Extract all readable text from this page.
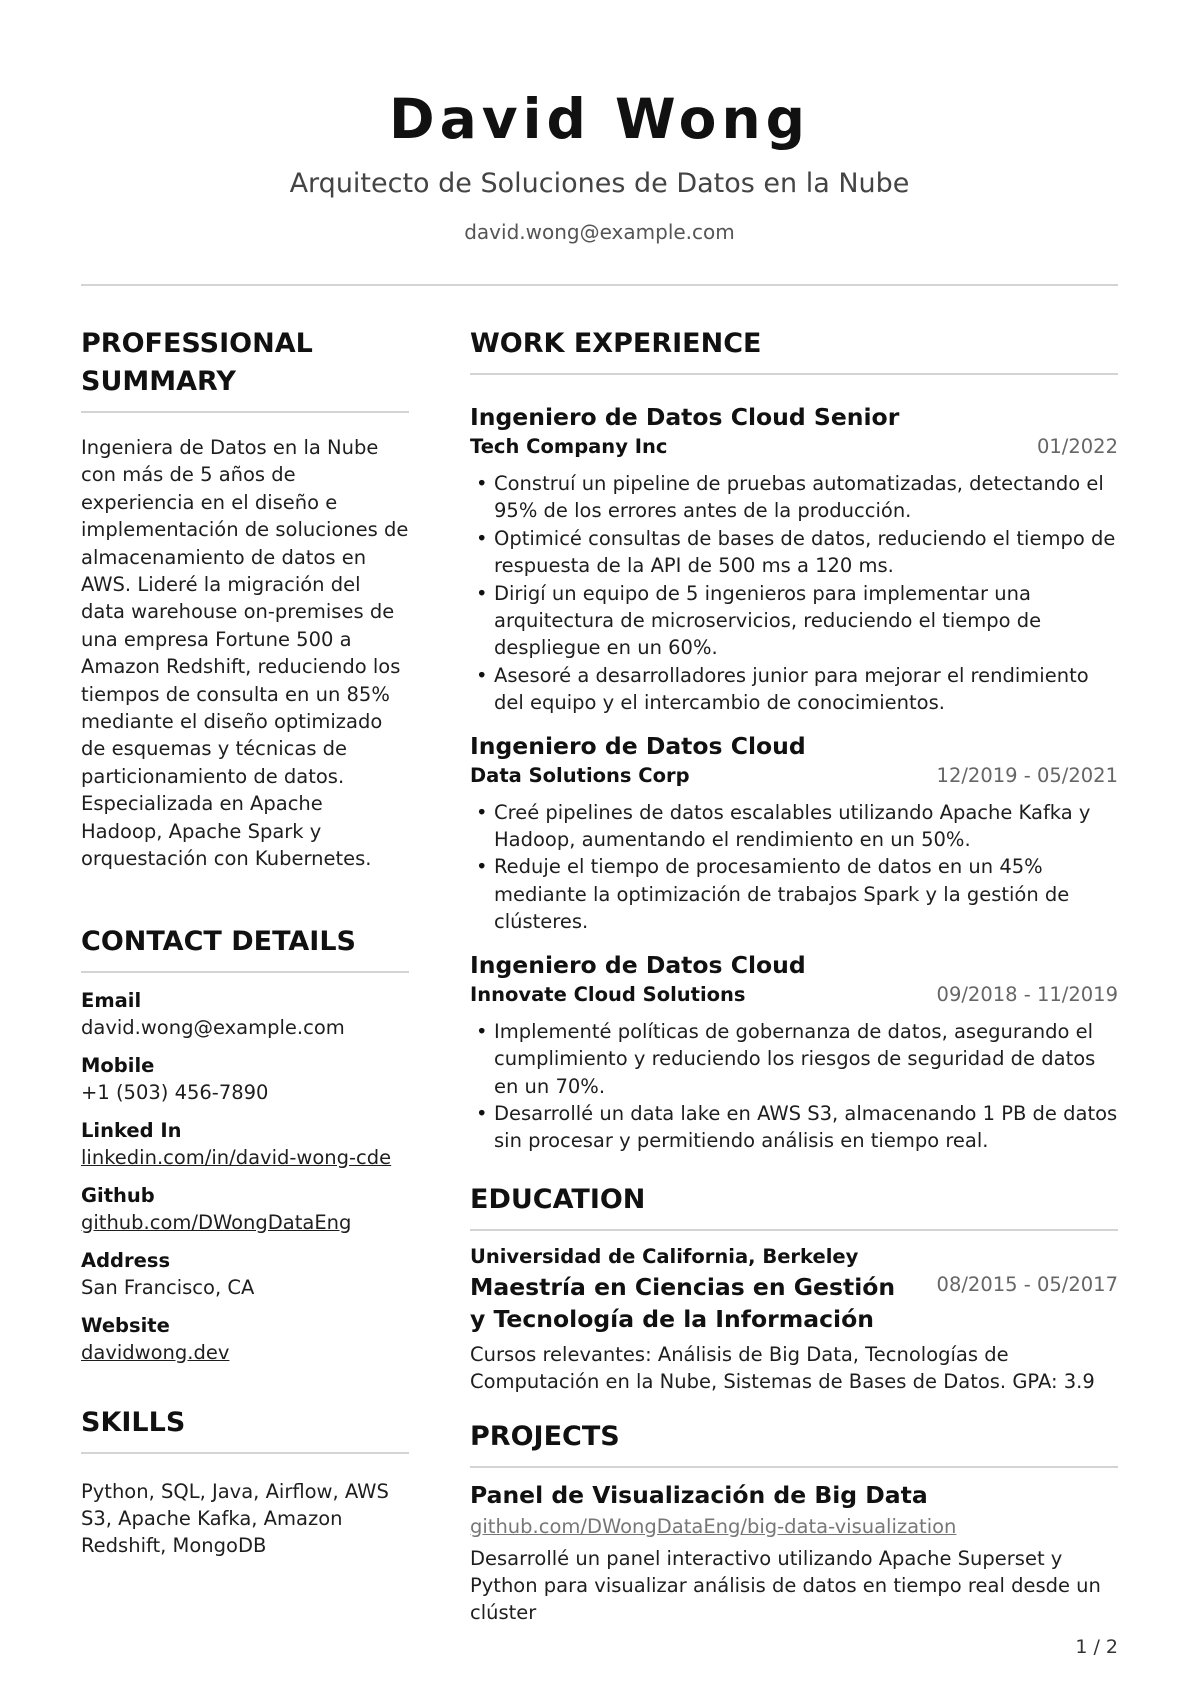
David Wong
Arquitecto de Soluciones de Datos en la Nube
david.wong@example.com
PROFESSIONAL
SUMMARY

Ingeniera de Datos en la Nube con más de 5 años de experiencia en el diseño e implementación de soluciones de almacenamiento de datos en AWS. Lideré la migración del data warehouse on-premises de una empresa Fortune 500 a Amazon Redshift, reduciendo los tiempos de consulta en un 85% mediante el diseño optimizado de esquemas y técnicas de particionamiento de datos. Especializada en Apache Hadoop, Apache Spark y orquestación con Kubernetes.

CONTACT DETAILS
Email
david.wong@example.com
Mobile
+1 (503) 456-7890
Linked In
linkedin.com/in/david-wong-cde
Github
github.com/DWongDataEng
Address
San Francisco, CA
Website
davidwong.dev
SKILLS

Python, SQL, Java, Airflow, AWS S3, Apache Kafka, Amazon Redshift, MongoDB

WORK EXPERIENCE
Ingeniero de Datos Cloud Senior
Tech Company Inc	01/2022
• Construí un pipeline de pruebas automatizadas, detectando el 95% de los errores antes de la producción.
• Optimicé consultas de bases de datos, reduciendo el tiempo de respuesta de la API de 500 ms a 120 ms.
• Dirigí un equipo de 5 ingenieros para implementar una arquitectura de microservicios, reduciendo el tiempo de despliegue en un 60%.
• Asesoré a desarrolladores junior para mejorar el rendimiento del equipo y el intercambio de conocimientos.
Ingeniero de Datos Cloud
Data Solutions Corp	12/2019 - 05/2021
• Creé pipelines de datos escalables utilizando Apache Kafka y Hadoop, aumentando el rendimiento en un 50%.
• Reduje el tiempo de procesamiento de datos en un 45% mediante la optimización de trabajos Spark y la gestión de clústeres.
Ingeniero de Datos Cloud
Innovate Cloud Solutions	09/2018 - 11/2019
• Implementé políticas de gobernanza de datos, asegurando el cumplimiento y reduciendo los riesgos de seguridad de datos en un 70%.
• Desarrollé un data lake en AWS S3, almacenando 1 PB de datos sin procesar y permitiendo análisis en tiempo real.
EDUCATION
Universidad de California, Berkeley
Maestría en Ciencias en Gestión y Tecnología de la Información
08/2015 - 05/2017

Cursos relevantes: Análisis de Big Data, Tecnologías de Computación en la Nube, Sistemas de Bases de Datos. GPA: 3.9

PROJECTS
Panel de Visualización de Big Data
github.com/DWongDataEng/big-data-visualization

Desarrollé un panel interactivo utilizando Apache Superset y Python para visualizar análisis de datos en tiempo real desde un clúster

1 / 2
